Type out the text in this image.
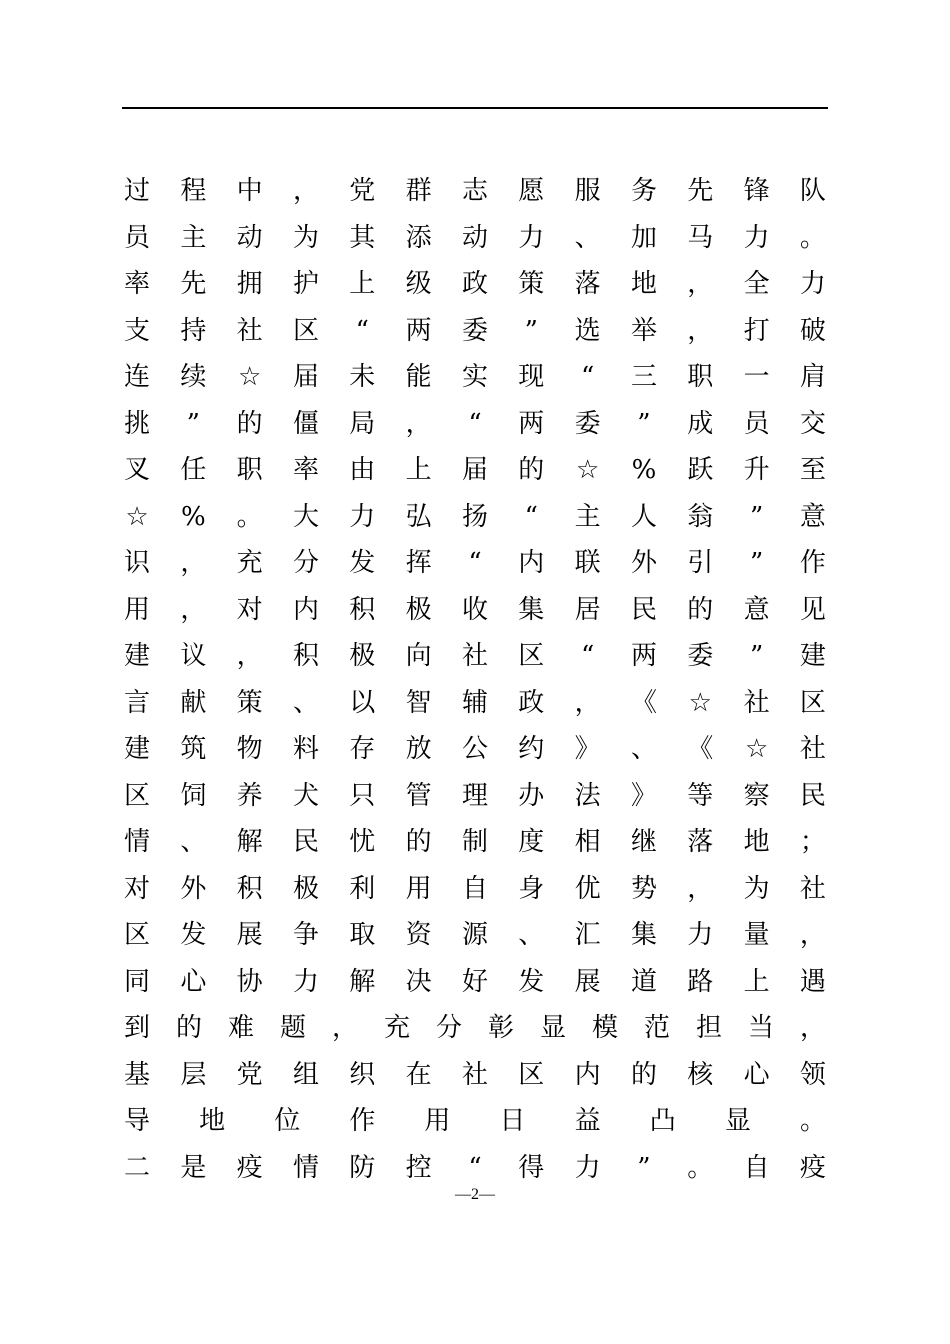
过 程 中 ， 党 群 志 愿 服 务 先 锋 队
员 主 动 为 其 添 动 力 、 加 马 力 。
率 先 拥 护 上 级 政 策 落 地 ， 全 力
支 持 社 区	“	两 委	”	选 举 ， 打 破
连 续 ☆ 届 未 能 实 现	“	三 职 一 肩
挑	”	的 僵 局 ，	“	两 委	”	成 员 交
叉 任 职 率 由 上 届 的 ☆ % 跃 升 至
☆ % 。 大 力 弘 扬	“	主 人 翁	”	意
识 ， 充 分 发 挥	“	内 联 外 引	”	作
用 ， 对 内 积 极 收 集 居 民 的 意 见
建 议 ， 积 极 向 社 区	“	两 委	”	建
言 献 策 、 以 智 辅 政 ， 《 ☆ 社 区
建 筑 物 料 存 放 公 约 》 、 《 ☆ 社
区 饲 养 犬 只 管 理 办 法 》 等 察 民
情 、 解 民 忧 的 制 度 相 继 落 地 ；
对 外 积 极 利 用 自 身 优 势 ， 为 社
区 发 展 争 取 资 源 、 汇 集 力 量 ，
同 心 协 力 解 决 好 发 展 道 路 上 遇
到 的 难 题 ， 充 分 彰 显 模 范 担 当 ，
基 层 党 组 织 在 社 区 内 的 核 心 领
导 地 位 作 用 日 益 凸 显 。
二 是 疫 情 防 控	“	得 力	”	。 自 疫
—2—
